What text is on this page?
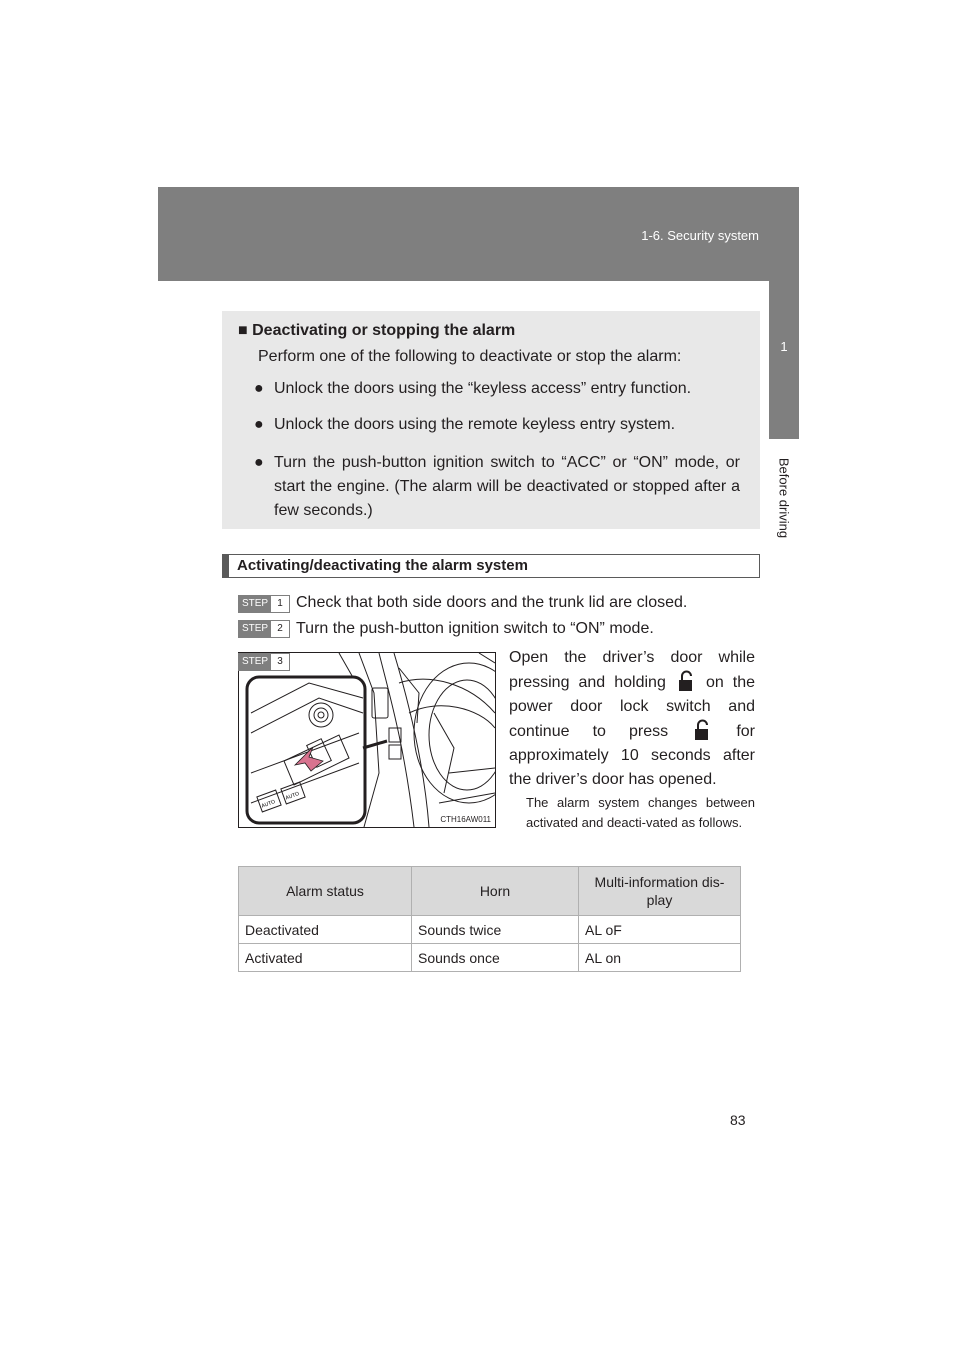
1-6. Security system
1
Before driving
■ Deactivating or stopping the alarm
Perform one of the following to deactivate or stop the alarm:
● Unlock the doors using the “keyless access” entry function.
● Unlock the doors using the remote keyless entry system.
● Turn the push-button ignition switch to “ACC” or “ON” mode, or start the engine. (The alarm will be deactivated or stopped after a few seconds.)
Activating/deactivating the alarm system
STEP 1 Check that both side doors and the trunk lid are closed.
STEP 2 Turn the push-button ignition switch to “ON” mode.
AUTO
AUTO
CTH16AW011
STEP 3	Open the driver’s door while pressing and holding	on the power door lock switch and continue to press	for approximately 10 seconds after the driver’s door has opened.
The alarm system changes between activated and deacti-vated as follows.
Alarm status	Horn	Multi-information dis-play
Deactivated	Sounds twice	AL oF
Activated	Sounds once	AL on
83
